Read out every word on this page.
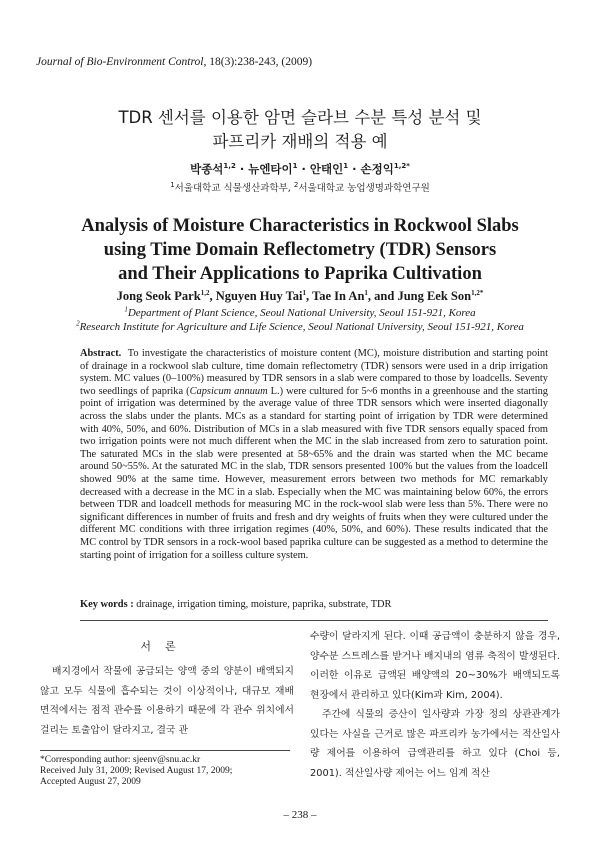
Journal of Bio-Environment Control, 18(3):238-243, (2009)
TDR 센서를 이용한 암면 슬라브 수분 특성 분석 및
파프리카 재배의 적용 예
박종석$^{1,2}$ · 뉴엔타이$^1$ · 안태인$^1$ · 손정익$^{1,2*}$
$^1$서울대학교 식물생산과학부, $^2$서울대학교 농업생명과학연구원
Analysis of Moisture Characteristics in Rockwool Slabs
using Time Domain Reflectometry (TDR) Sensors
and Their Applications to Paprika Cultivation
Jong Seok Park$^{1,2}$, Nguyen Huy Tai$^1$, Tae In An$^1$, and Jung Eek Son$^{1,2*}$
$^1$Department of Plant Science, Seoul National University, Seoul 151-921, Korea
$^2$Research Institute for Agriculture and Life Science, Seoul National University, Seoul 151-921, Korea
Abstract. To investigate the characteristics of moisture content (MC), moisture distribution and starting point of drainage in a rockwool slab culture, time domain reflectometry (TDR) sensors were used in a drip irrigation system. MC values (0–100%) measured by TDR sensors in a slab were compared to those by loadcells. Seventy two seedlings of paprika (Capsicum annuum L.) were cultured for 5~6 months in a greenhouse and the starting point of irrigation was determined by the average value of three TDR sensors which were inserted diagonally across the slabs under the plants. MCs as a standard for starting point of irrigation by TDR were determined with 40%, 50%, and 60%. Distribution of MCs in a slab measured with five TDR sensors equally spaced from two irrigation points were not much different when the MC in the slab increased from zero to saturation point. The saturated MCs in the slab were presented at 58~65% and the drain was started when the MC became around 50~55%. At the saturated MC in the slab, TDR sensors presented 100% but the values from the loadcell showed 90% at the same time. However, measurement errors between two methods for MC remarkably decreased with a decrease in the MC in a slab. Especially when the MC was maintaining below 60%, the errors between TDR and loadcell methods for measuring MC in the rock-wool slab were less than 5%. There were no significant differences in number of fruits and fresh and dry weights of fruits when they were cultured under the different MC conditions with three irrigation regimes (40%, 50%, and 60%). These results indicated that the MC control by TDR sensors in a rock-wool based paprika culture can be suggested as a method to determine the starting point of irrigation for a soilless culture system.
Key words : drainage, irrigation timing, moisture, paprika, substrate, TDR
서론

배지경에서 작물에 공급되는 양액 중의 양분이 배액되지 않고 모두 식물에 흡수되는 것이 이상적이나, 대규모 재배 면적에서는 점적 관수를 이용하기 때문에 각 관수 위치에서 걸리는 토출압이 달라지고, 결국 관

수량이 달라지게 된다. 이때 공급액이 충분하지 않을 경우, 양수분 스트레스를 받거나 배지내의 염류 축적이 발생된다. 이러한 이유로 급액된 배양액의 20~30%가 배액되도록 현장에서 관리하고 있다(Kim과 Kim, 2004).

주간에 식물의 증산이 일사량과 가장 정의 상관관계가 있다는 사실을 근거로 많은 파프리카 농가에서는 적산일사량 제어를 이용하여 급액관리를 하고 있다 (Choi 등, 2001). 적산일사량 제어는 어느 임계 적산

*Corresponding author: sjeenv@snu.ac.kr
Received July 31, 2009; Revised August 17, 2009;
Accepted August 27, 2009
– 238 –
